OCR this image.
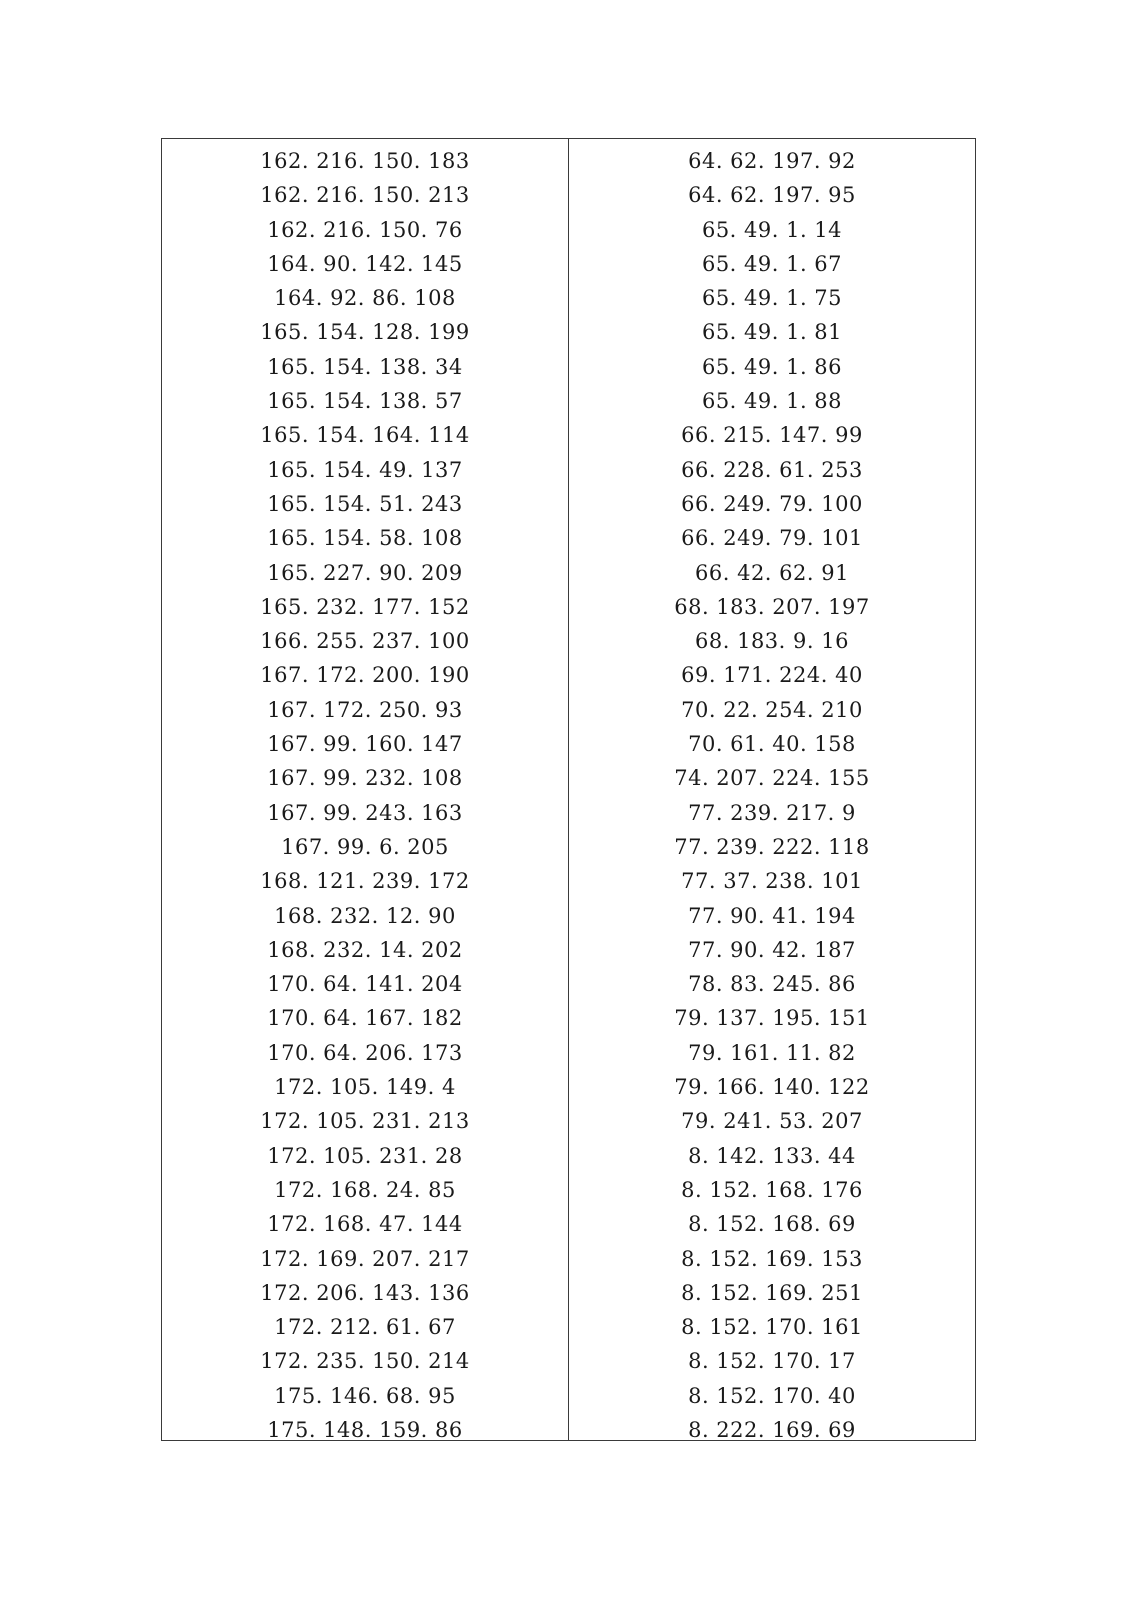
162. 216. 150. 183
162. 216. 150. 213
162. 216. 150. 76
164. 90. 142. 145
164. 92. 86. 108
165. 154. 128. 199
165. 154. 138. 34
165. 154. 138. 57
165. 154. 164. 114
165. 154. 49. 137
165. 154. 51. 243
165. 154. 58. 108
165. 227. 90. 209
165. 232. 177. 152
166. 255. 237. 100
167. 172. 200. 190
167. 172. 250. 93
167. 99. 160. 147
167. 99. 232. 108
167. 99. 243. 163
167. 99. 6. 205
168. 121. 239. 172
168. 232. 12. 90
168. 232. 14. 202
170. 64. 141. 204
170. 64. 167. 182
170. 64. 206. 173
172. 105. 149. 4
172. 105. 231. 213
172. 105. 231. 28
172. 168. 24. 85
172. 168. 47. 144
172. 169. 207. 217
172. 206. 143. 136
172. 212. 61. 67
172. 235. 150. 214
175. 146. 68. 95
175. 148. 159. 86
64. 62. 197. 92
64. 62. 197. 95
65. 49. 1. 14
65. 49. 1. 67
65. 49. 1. 75
65. 49. 1. 81
65. 49. 1. 86
65. 49. 1. 88
66. 215. 147. 99
66. 228. 61. 253
66. 249. 79. 100
66. 249. 79. 101
66. 42. 62. 91
68. 183. 207. 197
68. 183. 9. 16
69. 171. 224. 40
70. 22. 254. 210
70. 61. 40. 158
74. 207. 224. 155
77. 239. 217. 9
77. 239. 222. 118
77. 37. 238. 101
77. 90. 41. 194
77. 90. 42. 187
78. 83. 245. 86
79. 137. 195. 151
79. 161. 11. 82
79. 166. 140. 122
79. 241. 53. 207
8. 142. 133. 44
8. 152. 168. 176
8. 152. 168. 69
8. 152. 169. 153
8. 152. 169. 251
8. 152. 170. 161
8. 152. 170. 17
8. 152. 170. 40
8. 222. 169. 69
